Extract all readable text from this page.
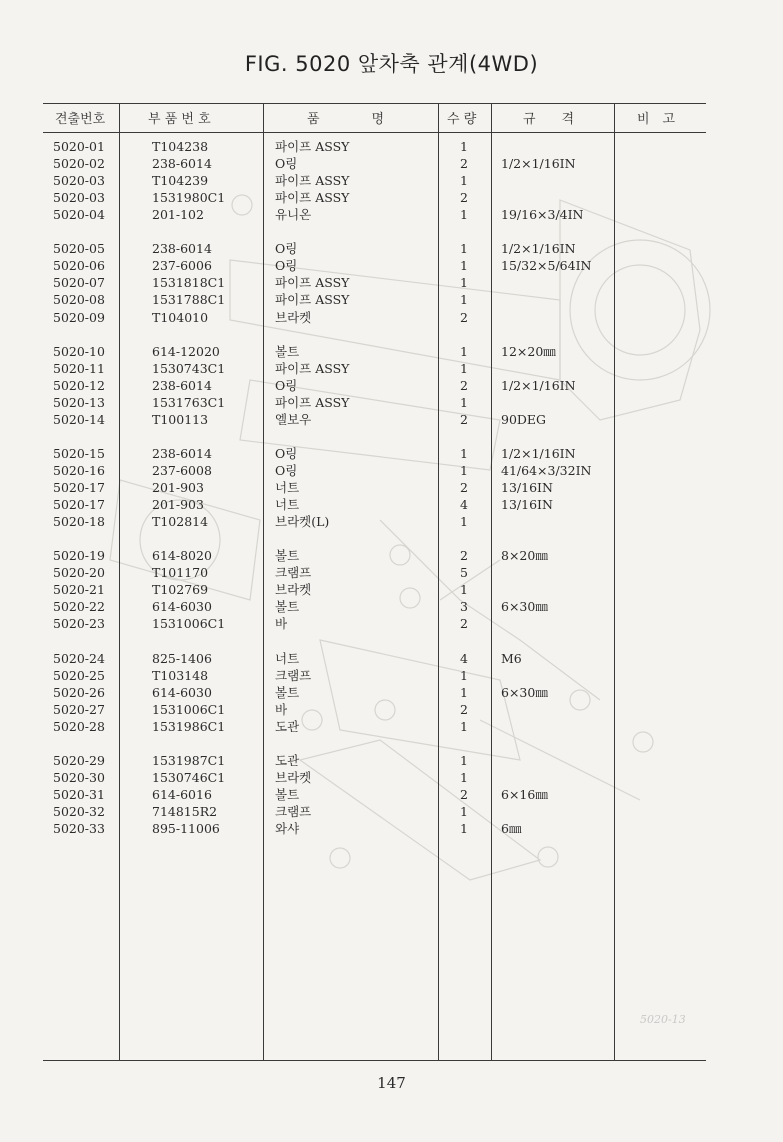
FIG. 5020 앞차축 관계(4WD)
견출번호	부 품 번 호	품　　　　명	수 량	규　　격	비　고
5020-01	T104238	파이프 ASSY	1
5020-02	238-6014	O링	2	1/2×1/16IN
5020-03	T104239	파이프 ASSY	1
5020-03	1531980C1	파이프 ASSY	2
5020-04	201-102	유니온	1	19/16×3/4IN
5020-05	238-6014	O링	1	1/2×1/16IN
5020-06	237-6006	O링	1	15/32×5/64IN
5020-07	1531818C1	파이프 ASSY	1
5020-08	1531788C1	파이프 ASSY	1
5020-09	T104010	브라켓	2
5020-10	614-12020	볼트	1	12×20㎜
5020-11	1530743C1	파이프 ASSY	1
5020-12	238-6014	O링	2	1/2×1/16IN
5020-13	1531763C1	파이프 ASSY	1
5020-14	T100113	엘보우	2	90DEG
5020-15	238-6014	O링	1	1/2×1/16IN
5020-16	237-6008	O링	1	41/64×3/32IN
5020-17	201-903	너트	2	13/16IN
5020-17	201-903	너트	4	13/16IN
5020-18	T102814	브라켓(L)	1
5020-19	614-8020	볼트	2	8×20㎜
5020-20	T101170	크램프	5
5020-21	T102769	브라켓	1
5020-22	614-6030	볼트	3	6×30㎜
5020-23	1531006C1	바	2
5020-24	825-1406	너트	4	M6
5020-25	T103148	크램프	1
5020-26	614-6030	볼트	1	6×30㎜
5020-27	1531006C1	바	2
5020-28	1531986C1	도관	1
5020-29	1531987C1	도관	1
5020-30	1530746C1	브라켓	1
5020-31	614-6016	볼트	2	6×16㎜
5020-32	714815R2	크램프	1
5020-33	895-11006	와샤	1	6㎜
5020-13
147
